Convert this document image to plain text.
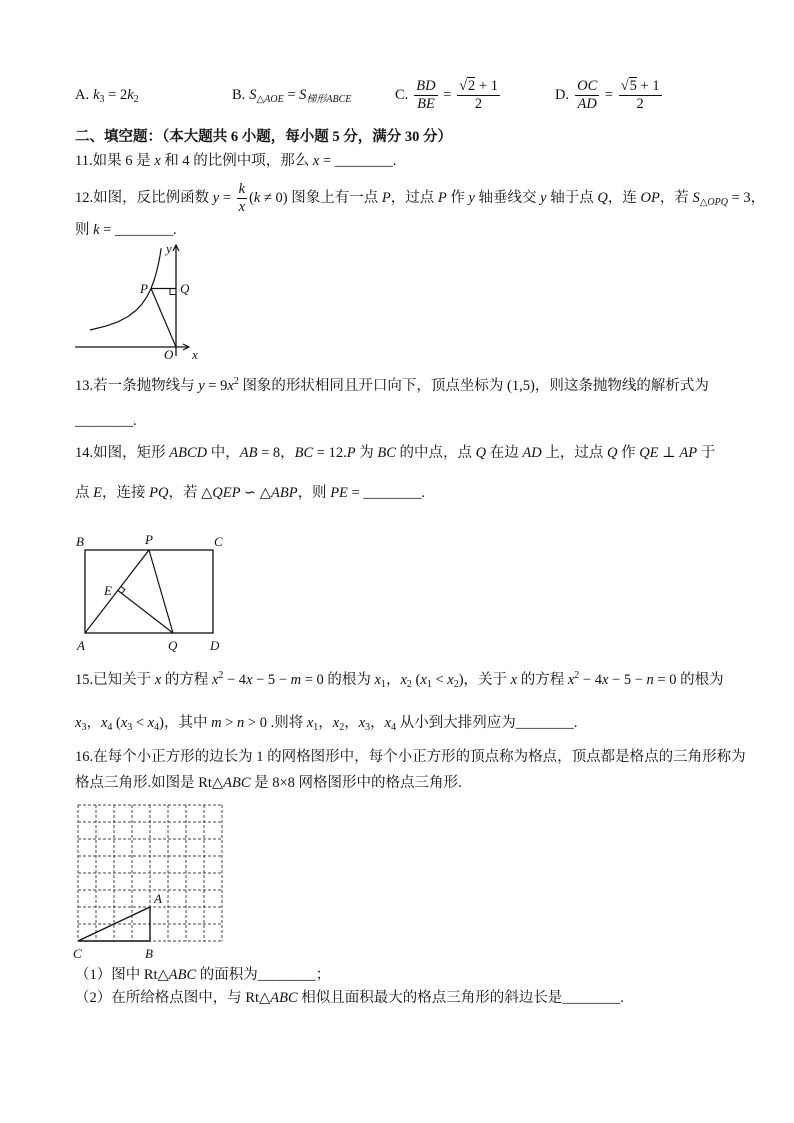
A. $k_3 = 2k_2$	B. $S_{\triangle AOE} = S_{梯形ABCE}$	C. $\frac{BD}{BE} = \frac{√2 + 1}{2}$	D. $\frac{OC}{AD} = \frac{√5 + 1}{2}$
二、填空题：（本大题共 6 小题，每小题 5 分，满分 30 分）
11.如果 6 是 x 和 4 的比例中项，那么 x = ________.
12.如图，反比例函数 $y = \frac{k}{x} (k \ne 0)$ 图象上有一点 P，过点 P 作 y 轴垂线交 y 轴于点 Q，连 OP，若 $S_{\triangle OPQ} = 3$，
则 k = ________.
y
P Q
O x
13.若一条抛物线与 $y = 9x^2$ 图象的形状相同且开口向下，顶点坐标为 (1,5)，则这条抛物线的解析式为
________.
14.如图，矩形 ABCD 中，AB = 8，BC = 12.P 为 BC 的中点，点 Q 在边 AD 上，过点 Q 作 QE ⊥ AP 于
点 E，连接 PQ，若 △QEP ∽ △ABP，则 PE = ________.
B	P	C
E
A	Q	D
15.已知关于 x 的方程 $x^2 - 4x - 5 - m = 0$ 的根为 $x_1$，$x_2$ $(x_1 < x_2)$，关于 x 的方程 $x^2 - 4x - 5 - n = 0$ 的根为
$x_3$，$x_4$ $(x_3 < x_4)$，其中 m > n > 0 .则将 $x_1$，$x_2$，$x_3$，$x_4$ 从小到大排列应为________.
16.在每个小正方形的边长为 1 的网格图形中，每个小正方形的顶点称为格点，顶点都是格点的三角形称为
格点三角形.如图是 Rt△ABC 是 8×8 网格图形中的格点三角形.
A
C	B
（1）图中 Rt△ABC 的面积为________；
（2）在所给格点图中，与 Rt△ABC 相似且面积最大的格点三角形的斜边长是________.
